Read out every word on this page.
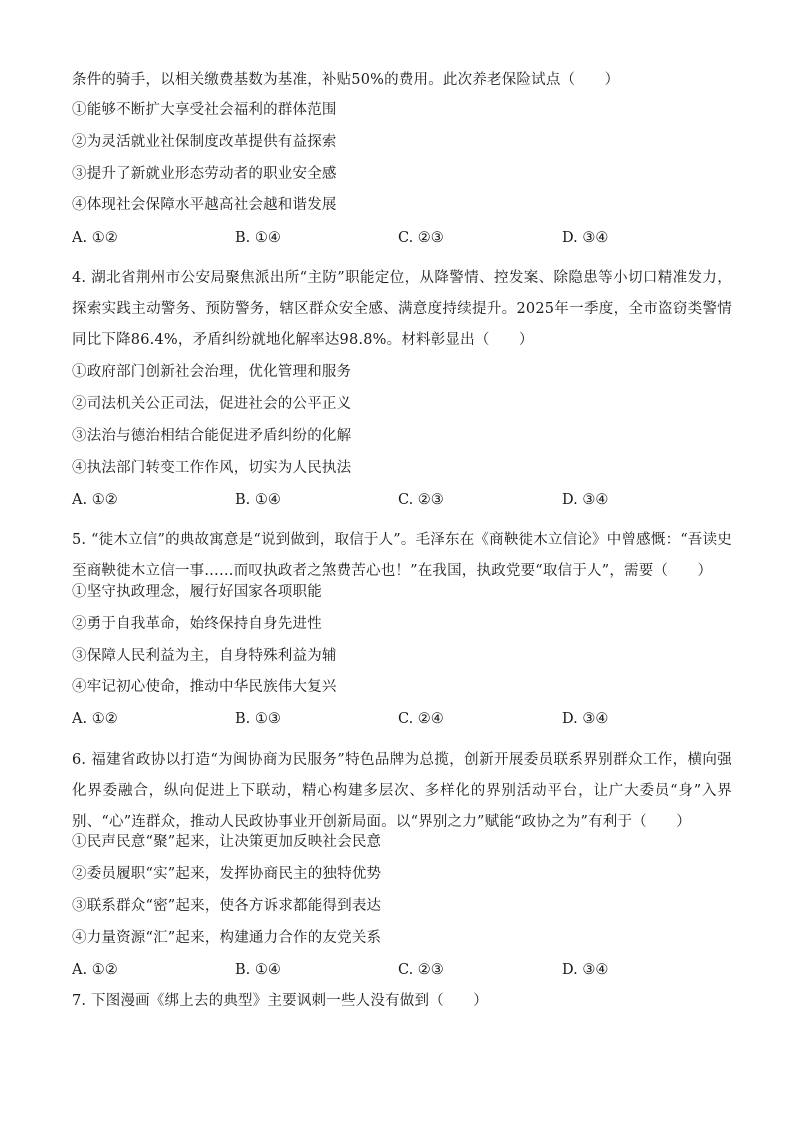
条件的骑手，以相关缴费基数为基准，补贴50%的费用。此次养老保险试点（　　）
①能够不断扩大享受社会福利的群体范围
②为灵活就业社保制度改革提供有益探索
③提升了新就业形态劳动者的职业安全感
④体现社会保障水平越高社会越和谐发展
A. ①②	B. ①④	C. ②③	D. ③④
4. 湖北省荆州市公安局聚焦派出所“主防”职能定位，从降警情、控发案、除隐患等小切口精准发力，探索实践主动警务、预防警务，辖区群众安全感、满意度持续提升。2025年一季度，全市盗窃类警情同比下降86.4%，矛盾纠纷就地化解率达98.8%。材料彰显出（　　）
①政府部门创新社会治理，优化管理和服务
②司法机关公正司法，促进社会的公平正义
③法治与德治相结合能促进矛盾纠纷的化解
④执法部门转变工作作风，切实为人民执法
A. ①②	B. ①④	C. ②③	D. ③④
5. “徙木立信”的典故寓意是“说到做到，取信于人”。毛泽东在《商鞅徙木立信论》中曾感慨：“吾读史至商鞅徙木立信一事……而叹执政者之煞费苦心也！”在我国，执政党要“取信于人”，需要（　　）
①坚守执政理念，履行好国家各项职能
②勇于自我革命，始终保持自身先进性
③保障人民利益为主，自身特殊利益为辅
④牢记初心使命，推动中华民族伟大复兴
A. ①②	B. ①③	C. ②④	D. ③④
6. 福建省政协以打造“为闽协商为民服务”特色品牌为总揽，创新开展委员联系界别群众工作，横向强化界委融合，纵向促进上下联动，精心构建多层次、多样化的界别活动平台，让广大委员“身”入界别、“心”连群众，推动人民政协事业开创新局面。以“界别之力”赋能“政协之为”有利于（　　）
①民声民意“聚”起来，让决策更加反映社会民意
②委员履职“实”起来，发挥协商民主的独特优势
③联系群众“密”起来，使各方诉求都能得到表达
④力量资源“汇”起来，构建通力合作的友党关系
A. ①②	B. ①④	C. ②③	D. ③④
7. 下图漫画《绑上去的典型》主要讽刺一些人没有做到（　　）
